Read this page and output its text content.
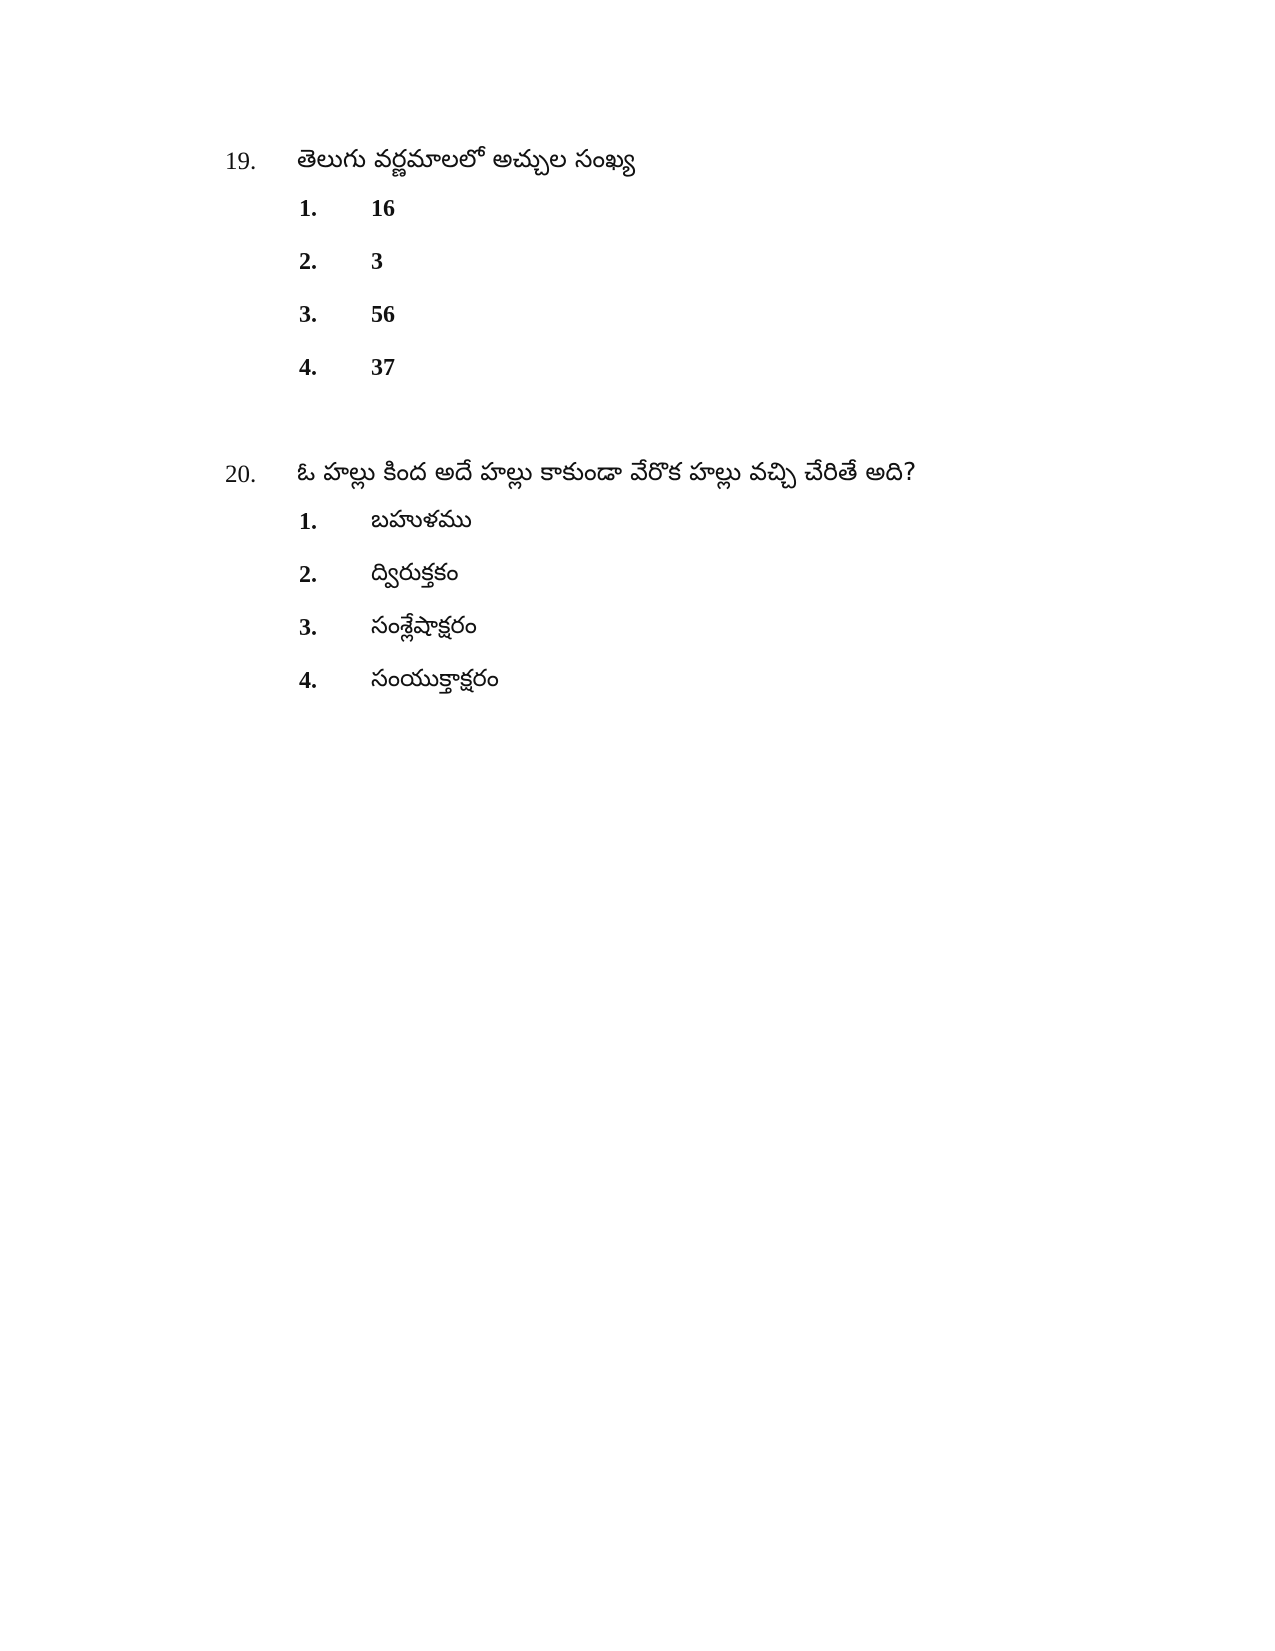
19. తెలుగు వర్ణమాలలో అచ్చుల సంఖ్య
1. 16
2. 3
3. 56
4. 37
20. ఓ హల్లు కింద అదే హల్లు కాకుండా వేరొక హల్లు వచ్చి చేరితే అది?
1. బహుళము
2. ద్విరుక్తకం
3. సంశ్లేషాక్షరం
4. సంయుక్తాక్షరం
